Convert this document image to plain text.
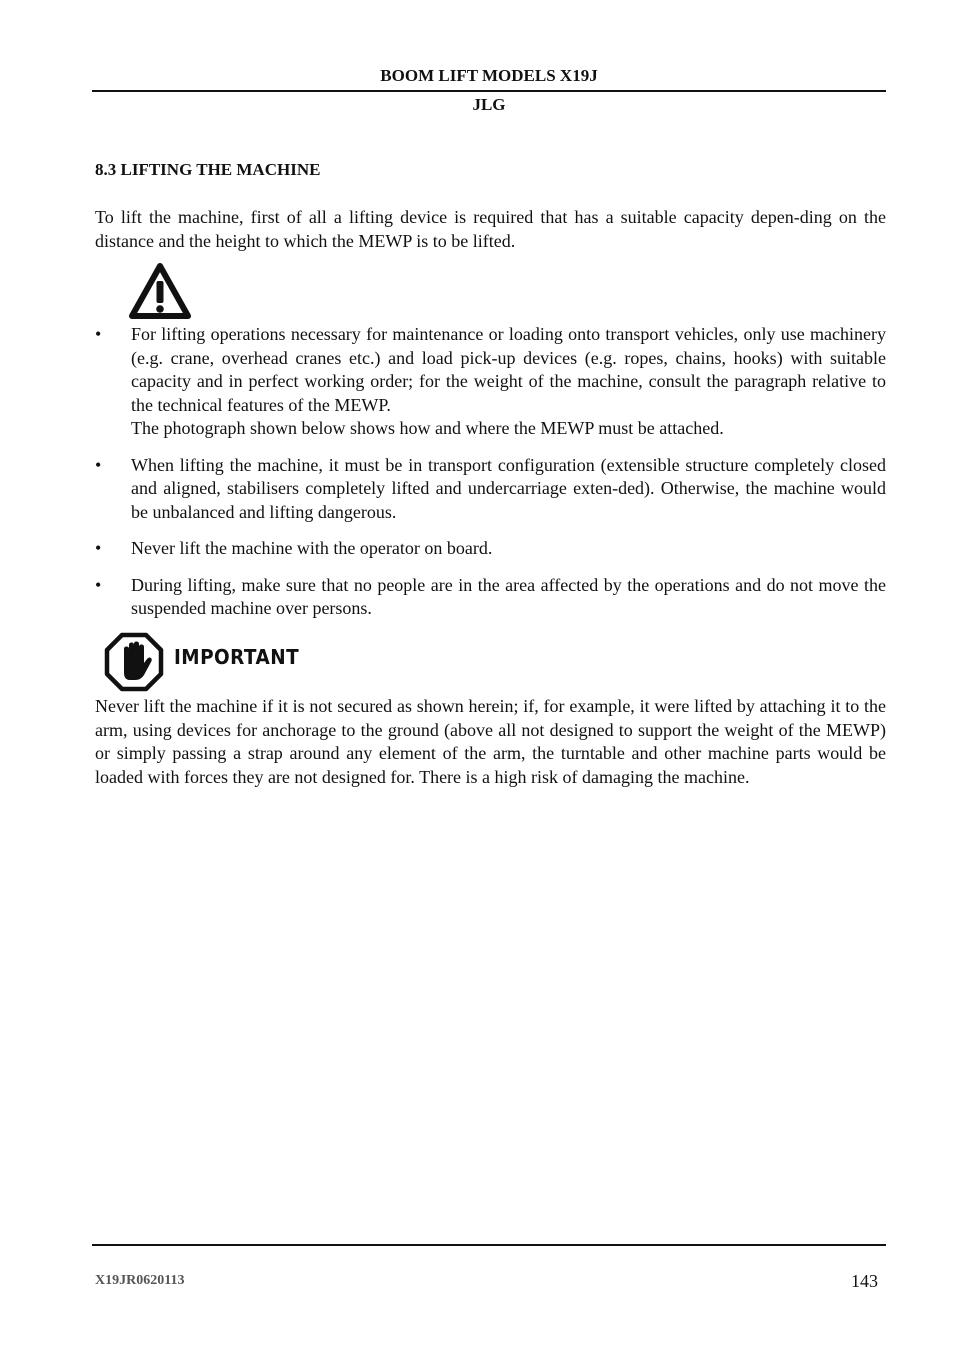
BOOM LIFT MODELS X19J
JLG
8.3 LIFTING THE MACHINE
To lift the machine, first of all a lifting device is required that has a suitable capacity depen-ding on the distance and the height to which the MEWP is to be lifted.
• For lifting operations necessary for maintenance or loading onto transport vehicles, only use machinery (e.g. crane, overhead cranes etc.) and load pick-up devices (e.g. ropes, chains, hooks) with suitable capacity and in perfect working order; for the weight of the machine, consult the paragraph relative to the technical features of the MEWP.
The photograph shown below shows how and where the MEWP must be attached.
• When lifting the machine, it must be in transport configuration (extensible structure completely closed and aligned, stabilisers completely lifted and undercarriage exten-ded). Otherwise, the machine would be unbalanced and lifting dangerous.
• Never lift the machine with the operator on board.
• During lifting, make sure that no people are in the area affected by the operations and do not move the suspended machine over persons.
IMPORTANT
Never lift the machine if it is not secured as shown herein; if, for example, it were lifted by attaching it to the arm, using devices for anchorage to the ground (above all not designed to support the weight of the MEWP) or simply passing a strap around any element of the arm, the turntable and other machine parts would be loaded with forces they are not designed for. There is a high risk of damaging the machine.
X19JR0620113	143
